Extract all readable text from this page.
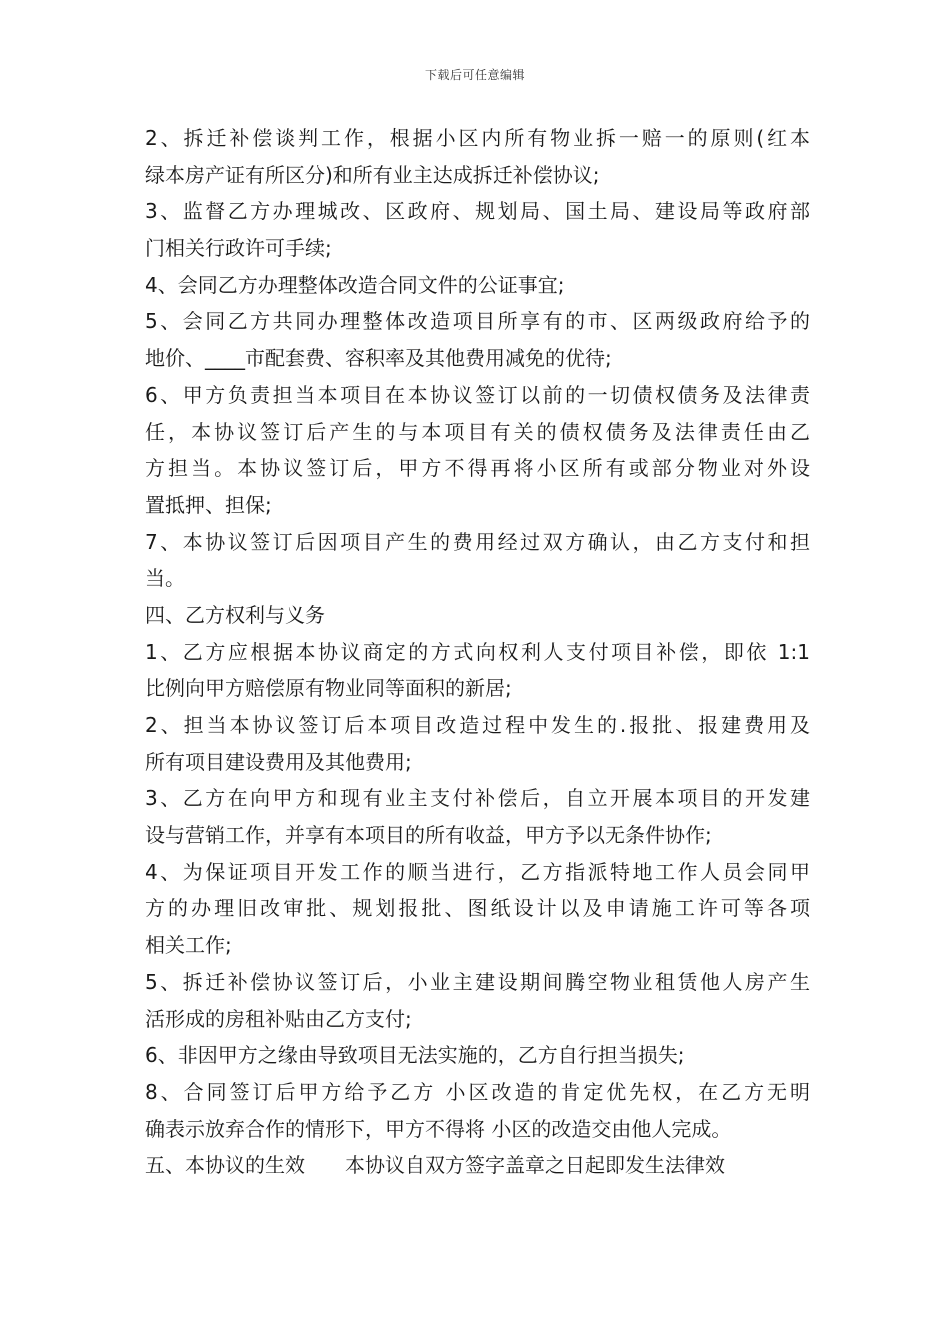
下载后可任意编辑
2、拆迁补偿谈判工作，根据小区内所有物业拆一赔一的原则(红本
绿本房产证有所区分)和所有业主达成拆迁补偿协议;
3、监督乙方办理城改、区政府、规划局、国土局、建设局等政府部
门相关行政许可手续;
4、会同乙方办理整体改造合同文件的公证事宜;
5、会同乙方共同办理整体改造项目所享有的市、区两级政府给予的
地价、____市配套费、容积率及其他费用减免的优待;
6、甲方负责担当本项目在本协议签订以前的一切债权债务及法律责
任，本协议签订后产生的与本项目有关的债权债务及法律责任由乙
方担当。本协议签订后，甲方不得再将小区所有或部分物业对外设
置抵押、担保;
7、本协议签订后因项目产生的费用经过双方确认，由乙方支付和担
当。
四、乙方权利与义务
1、乙方应根据本协议商定的方式向权利人支付项目补偿，即依 1:1
比例向甲方赔偿原有物业同等面积的新居;
2、担当本协议签订后本项目改造过程中发生的.报批、报建费用及
所有项目建设费用及其他费用;
3、乙方在向甲方和现有业主支付补偿后，自立开展本项目的开发建
设与营销工作，并享有本项目的所有收益，甲方予以无条件协作;
4、为保证项目开发工作的顺当进行，乙方指派特地工作人员会同甲
方的办理旧改审批、规划报批、图纸设计以及申请施工许可等各项
相关工作;
5、拆迁补偿协议签订后，小业主建设期间腾空物业租赁他人房产生
活形成的房租补贴由乙方支付;
6、非因甲方之缘由导致项目无法实施的，乙方自行担当损失;
8、合同签订后甲方给予乙方 小区改造的肯定优先权，在乙方无明
确表示放弃合作的情形下，甲方不得将 小区的改造交由他人完成。
五、本协议的生效 本协议自双方签字盖章之日起即发生法律效
